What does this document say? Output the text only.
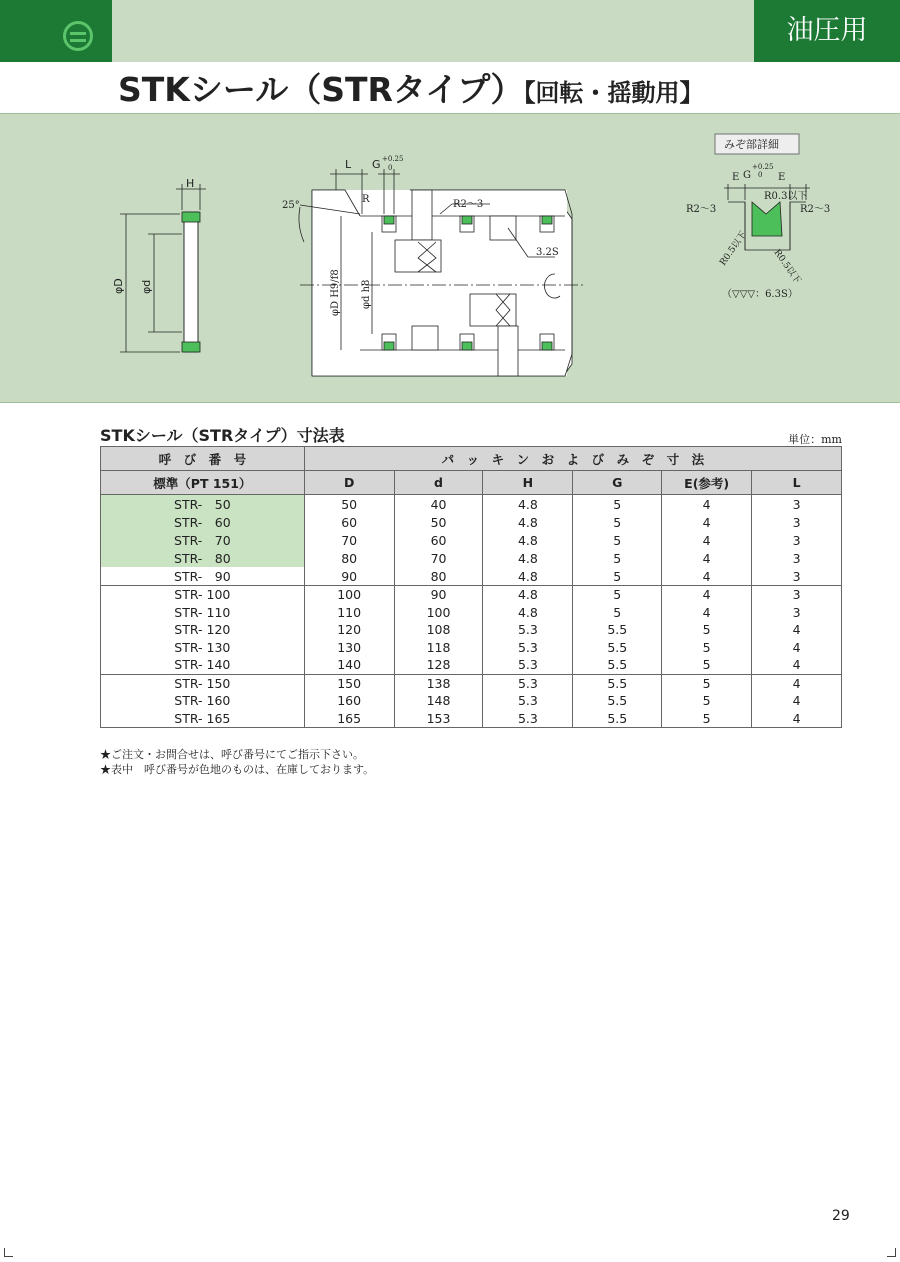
油圧用
STKシール（STRタイプ）【回転・揺動用】
H
φD φd
L G +0.25
0
25°
R	R2～3
3.2S
φD H9/f8 φd h8
みぞ部詳細
E G
+0.25
0 E
R0.3以下
R2～3	R2～3
R0.5以下	R0.5以下
（▽▽▽：6.3S）
STKシール（STRタイプ）寸法表	単位：mm
呼　び　番　号	パ　ッ　キ　ン　お　よ　び　み　ぞ　寸　法					
標準（PT 151）	D	d	H	G	E(参考)	L
STR-　50	50	40	4.8	5	4	3
STR-　60	60	50	4.8	5	4	3
STR-　70	70	60	4.8	5	4	3
STR-　80	80	70	4.8	5	4	3
STR-　90	90	80	4.8	5	4	3
STR- 100	100	90	4.8	5	4	3
STR- 110	110	100	4.8	5	4	3
STR- 120	120	108	5.3	5.5	5	4
STR- 130	130	118	5.3	5.5	5	4
STR- 140	140	128	5.3	5.5	5	4
STR- 150	150	138	5.3	5.5	5	4
STR- 160	160	148	5.3	5.5	5	4
STR- 165	165	153	5.3	5.5	5	4
★ご注文・お問合せは、呼び番号にてご指示下さい。
★表中　呼び番号が色地のものは、在庫しております。
29
